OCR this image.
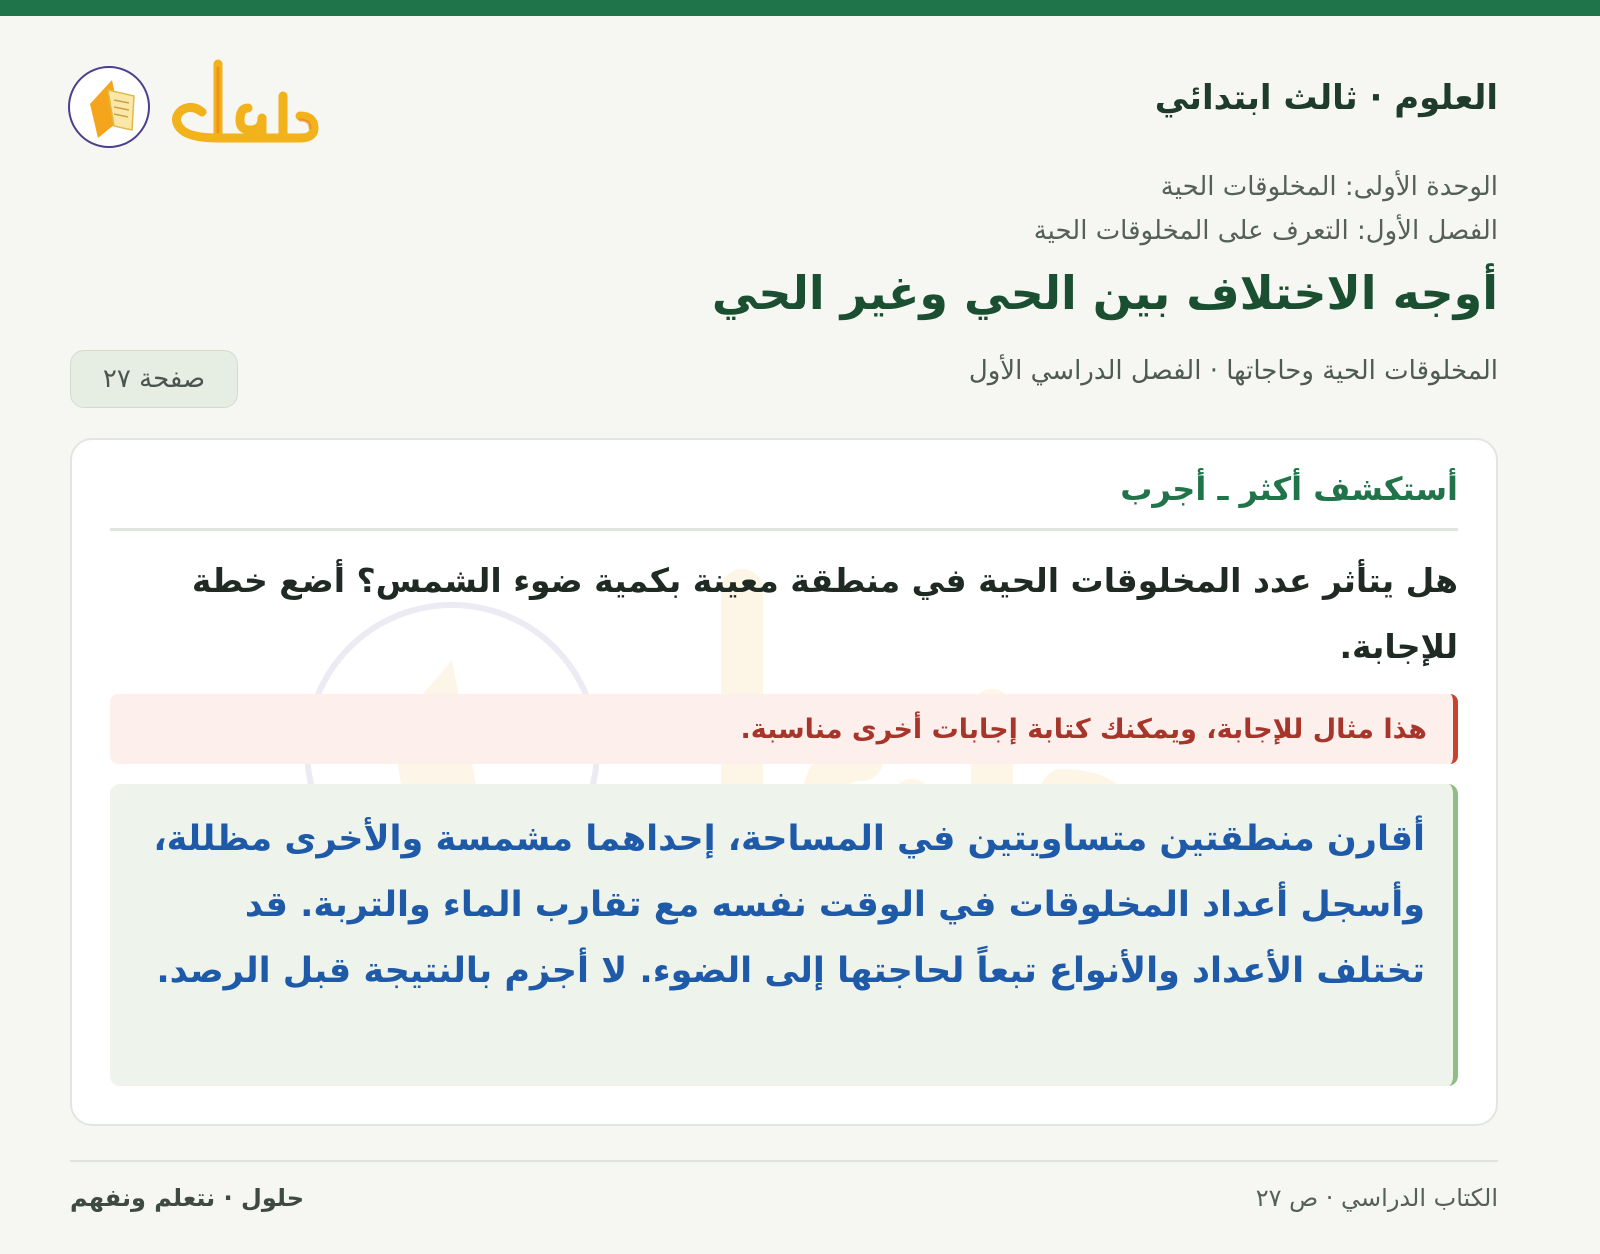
العلوم · ثالث ابتدائي
الوحدة الأولى: المخلوقات الحية
الفصل الأول: التعرف على المخلوقات الحية
أوجه الاختلاف بين الحي وغير الحي
المخلوقات الحية وحاجاتها · الفصل الدراسي الأول
صفحة ٢٧
أستكشف أكثر ـ أجرب
هل يتأثر عدد المخلوقات الحية في منطقة معينة بكمية ضوء الشمس؟ أضع خطة للإجابة.
هذا مثال للإجابة، ويمكنك كتابة إجابات أخرى مناسبة.
أقارن منطقتين متساويتين في المساحة، إحداهما مشمسة والأخرى مظللة، وأسجل أعداد المخلوقات في الوقت نفسه مع تقارب الماء والتربة. قد تختلف الأعداد والأنواع تبعاً لحاجتها إلى الضوء. لا أجزم بالنتيجة قبل الرصد.
الكتاب الدراسي · ص ٢٧
حلول · نتعلم ونفهم
